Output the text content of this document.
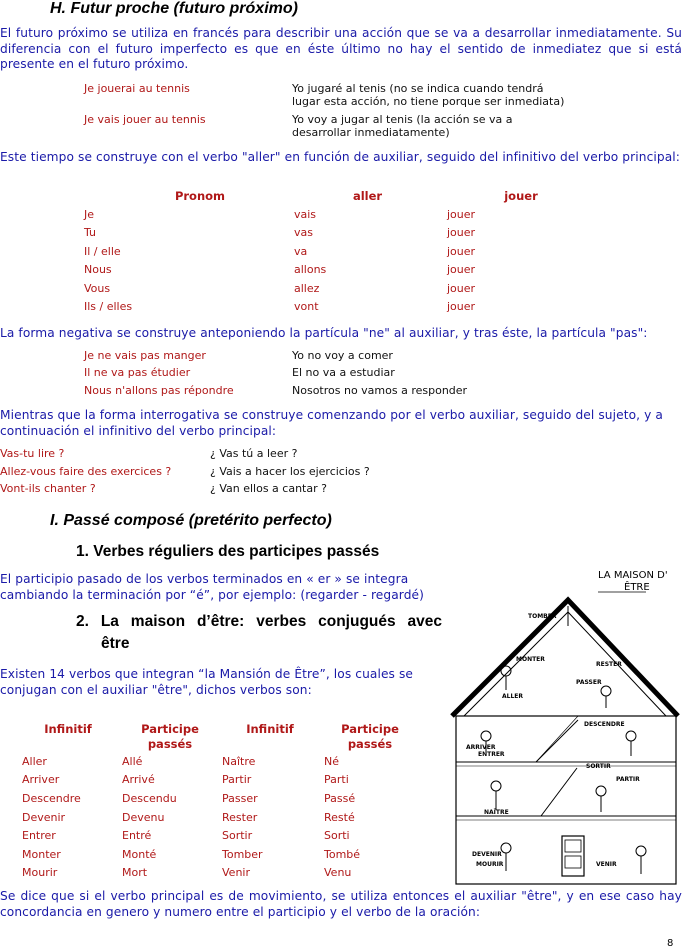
H. Futur proche (futuro próximo)
El futuro próximo se utiliza en francés para describir una acción que se va a desarrollar inmediatamente. Su diferencia con el futuro imperfecto es que en éste último no hay el sentido de inmediatez que si está presente en el futuro próximo.
Je jouerai au tennis	Yo jugaré al tenis (no se indica cuando tendrá
lugar esta acción, no tiene porque ser inmediata)
Je vais jouer au tennis	Yo voy a jugar al tenis (la acción se va a
desarrollar inmediatamente)
Este tiempo se construye con el verbo "aller" en función de auxiliar, seguido del infinitivo del verbo principal:
Pronom	aller	jouer
Je	vais	jouer
Tu	vas	jouer
Il / elle	va	jouer
Nous	allons	jouer
Vous	allez	jouer
Ils / elles	vont	jouer
La forma negativa se construye anteponiendo la partícula "ne" al auxiliar, y tras éste, la partícula "pas":
Je ne vais pas manger	Yo no voy a comer
Il ne va pas étudier	El no va a estudiar
Nous n'allons pas répondre	Nosotros no vamos a responder
Mientras que la forma interrogativa se construye comenzando por el verbo auxiliar, seguido del sujeto, y a continuación el infinitivo del verbo principal:
Vas-tu lire ?	¿ Vas tú a leer ?
Allez-vous faire des exercices ?	¿ Vais a hacer los ejercicios ?
Vont-ils chanter ?	¿ Van ellos a cantar ?
I. Passé composé (pretérito perfecto)
1. Verbes réguliers des participes passés
El participio pasado de los verbos terminados en « er » se integra cambiando la terminación por “é”, por ejemplo: (regarder - regardé)
2. La maison d’être: verbes conjugués avec
être
Existen 14 verbos que integran “la Mansión de Être”, los cuales se conjugan con el auxiliar "être", dichos verbos son:
Infinitif	Participe passés
Infinitif	Participe passés
Aller	Allé	Naître	Né
Arriver	Arrivé	Partir	Parti
Descendre	Descendu	Passer	Passé
Devenir	Devenu	Rester	Resté
Entrer	Entré	Sortir	Sorti
Monter	Monté	Tomber	Tombé
Mourir	Mort	Venir	Venu
LA MAISON D'
ÊTRE
TOMBER
MONTER
RESTER
PASSER
ENTRER
DESCENDRE
ARRIVER
SORTIR
PARTIR
NAÎTRE
MOURIR
DEVENIR
VENIR
ALLER
Se dice que si el verbo principal es de movimiento, se utiliza entonces el auxiliar "être", y en ese caso hay concordancia en genero y numero entre el participio y el verbo de la oración:
8
